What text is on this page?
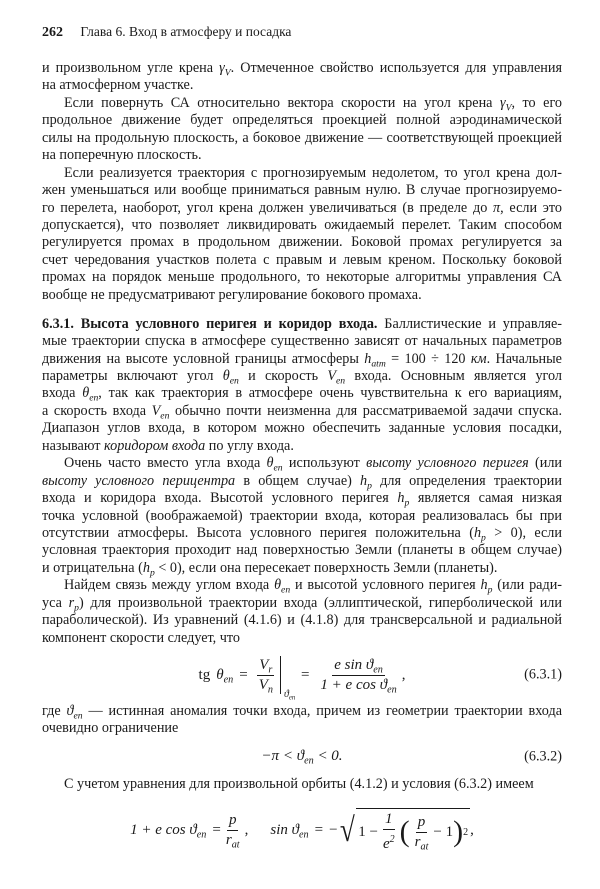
262 Глава 6. Вход в атмосферу и посадка
и произвольном угле крена $\gamma_V$. Отмеченное свойство используется для управления
на атмосферном участке.
Если повернуть СА относительно вектора скорости на угол крена $\gamma_V$, то его
продольное движение будет определяться проекцией полной аэродинамической
силы на продольную плоскость, а боковое движение — соответствующей проекцией
на поперечную плоскость.
Если реализуется траектория с прогнозируемым недолетом, то угол крена дол-
жен уменьшаться или вообще приниматься равным нулю. В случае прогнозируемо-
го перелета, наоборот, угол крена должен увеличиваться (в пределе до π, если это
допускается), что позволяет ликвидировать ожидаемый перелет. Таким способом
регулируется промах в продольном движении. Боковой промах регулируется за
счет чередования участков полета с правым и левым креном. Поскольку боковой
промах на порядок меньше продольного, то некоторые алгоритмы управления СА
вообще не предусматривают регулирование бокового промаха.
6.3.1. Высота условного перигея и коридор входа. Баллистические и управляе-
мые траектории спуска в атмосфере существенно зависят от начальных параметров
движения на высоте условной границы атмосферы $h_{atm} = 100 \div 120$ км. Начальные
параметры включают угол $\theta_{en}$ и скорость $V_{en}$ входа. Основным является угол
входа $\theta_{en}$, так как траектория в атмосфере очень чувствительна к его вариациям,
а скорость входа $V_{en}$ обычно почти неизменна для рассматриваемой задачи спуска.
Диапазон углов входа, в котором можно обеспечить заданные условия посадки,
называют коридором входа по углу входа.
Очень часто вместо угла входа $\theta_{en}$ используют высоту условного перигея (или
высоту условного перицентра в общем случае) $h_p$ для определения траектории
входа и коридора входа. Высотой условного перигея $h_p$ является самая низкая
точка условной (воображаемой) траектории входа, которая реализовалась бы при
отсутствии атмосферы. Высота условного перигея положительна $(h_p > 0)$, если
условная траектория проходит над поверхностью Земли (планеты в общем случае)
и отрицательна $(h_p < 0)$, если она пересекает поверхность Земли (планеты).
Найдем связь между углом входа $\theta_{en}$ и высотой условного перигея $h_p$ (или ради-
уса $r_p$) для произвольной траектории входа (эллиптической, гиперболической или
параболической). Из уравнений (4.1.6) и (4.1.8) для трансверсальной и радиальной
компонент скорости следует, что
tg $\theta_{en} = \frac{V_r}{V_n}$
$ϑ_{en}$
= $\frac{e \sin ϑ_{en}}{1 + e \cos ϑ_{en}}$ ,	(6.3.1)
где $ϑ_{en}$ — истинная аномалия точки входа, причем из геометрии траектории входа
очевидно ограничение
$-\pi < ϑ_{en} < 0$.	(6.3.2)
С учетом уравнения для произвольной орбиты (4.1.2) и условия (6.3.2) имеем
1 + e $\cos ϑ_{en} = \frac{p}{r_{at}}$ , $\sin ϑ_{en}$ = − √ $1 - \frac{1}{e^2}$ ( $\frac{p}{r_{at}} - 1$ ) 2 ,
